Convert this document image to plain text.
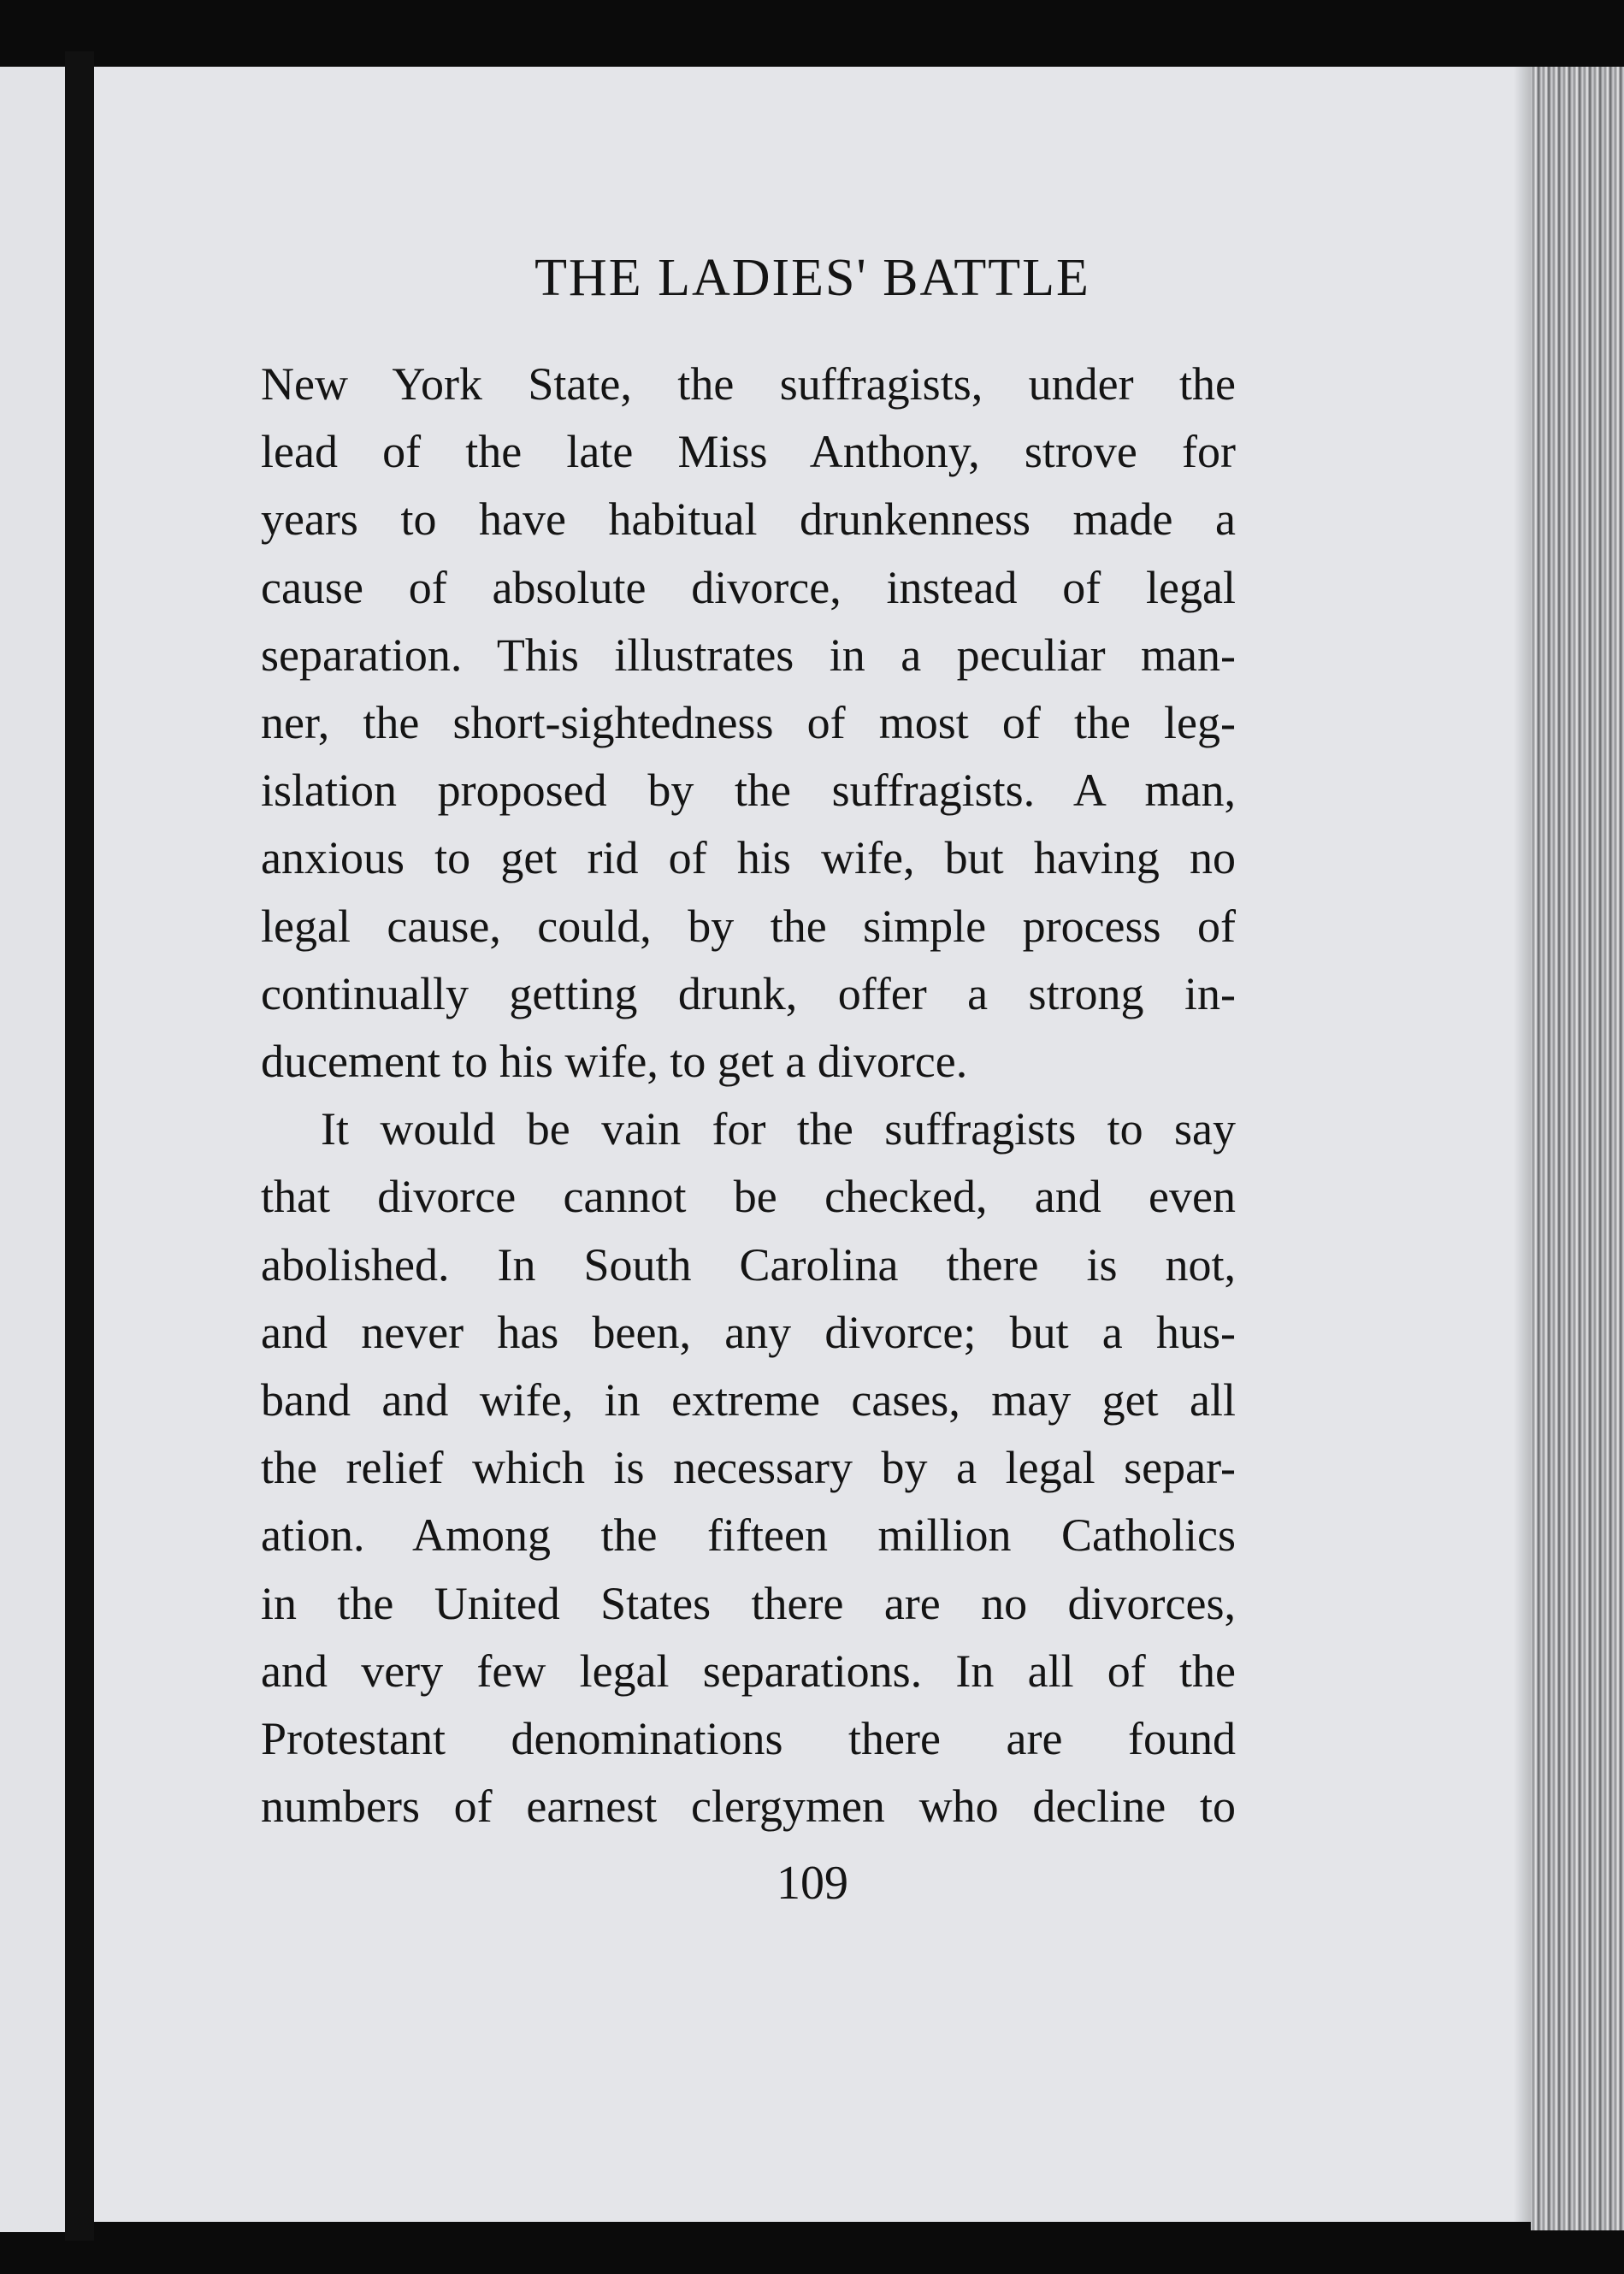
THE LADIES' BATTLE
New York State, the suffragists, under the
lead of the late Miss Anthony, strove for
years to have habitual drunkenness made a
cause of absolute divorce, instead of legal
separation. This illustrates in a peculiar man-
ner, the short-sightedness of most of the leg-
islation proposed by the suffragists. A man,
anxious to get rid of his wife, but having no
legal cause, could, by the simple process of
continually getting drunk, offer a strong in-
ducement to his wife, to get a divorce.
It would be vain for the suffragists to say
that divorce cannot be checked, and even
abolished. In South Carolina there is not,
and never has been, any divorce; but a hus-
band and wife, in extreme cases, may get all
the relief which is necessary by a legal separ-
ation. Among the fifteen million Catholics
in the United States there are no divorces,
and very few legal separations. In all of the
Protestant denominations there are found
numbers of earnest clergymen who decline to

109
